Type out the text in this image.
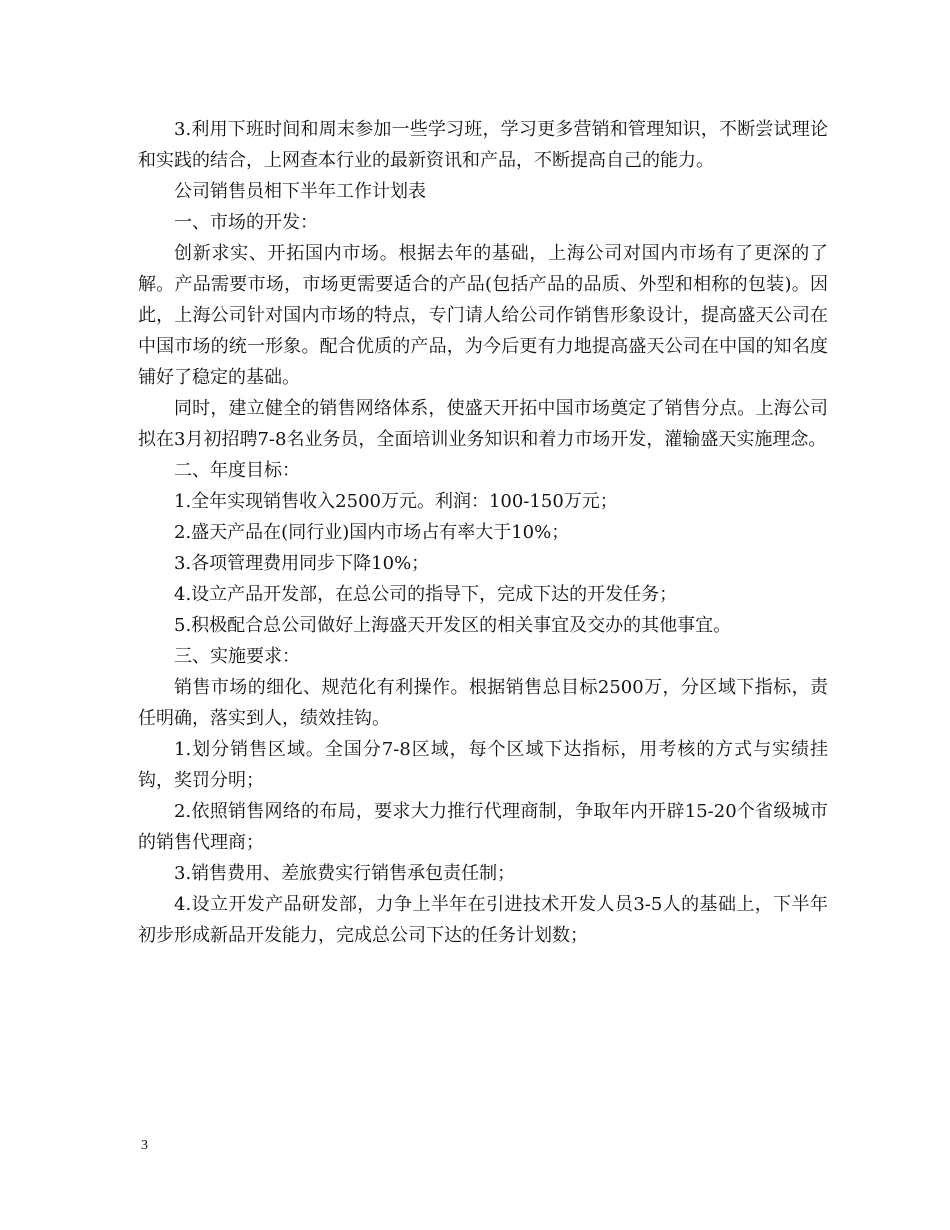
3.利用下班时间和周末参加一些学习班，学习更多营销和管理知识，不断尝试理论和实践的结合，上网查本行业的最新资讯和产品，不断提高自己的能力。

公司销售员相下半年工作计划表

一、市场的开发：

创新求实、开拓国内市场。根据去年的基础，上海公司对国内市场有了更深的了解。产品需要市场，市场更需要适合的产品(包括产品的品质、外型和相称的包装)。因此，上海公司针对国内市场的特点，专门请人给公司作销售形象设计，提高盛天公司在中国市场的统一形象。配合优质的产品，为今后更有力地提高盛天公司在中国的知名度铺好了稳定的基础。

同时，建立健全的销售网络体系，使盛天开拓中国市场奠定了销售分点。上海公司拟在3月初招聘7-8名业务员，全面培训业务知识和着力市场开发，灌输盛天实施理念。

二、年度目标：

1.全年实现销售收入2500万元。利润：100-150万元；

2.盛天产品在(同行业)国内市场占有率大于10%；

3.各项管理费用同步下降10%；

4.设立产品开发部，在总公司的指导下，完成下达的开发任务；

5.积极配合总公司做好上海盛天开发区的相关事宜及交办的其他事宜。

三、实施要求：

销售市场的细化、规范化有利操作。根据销售总目标2500万，分区域下指标，责任明确，落实到人，绩效挂钩。

1.划分销售区域。全国分7-8区域，每个区域下达指标，用考核的方式与实绩挂钩，奖罚分明；

2.依照销售网络的布局，要求大力推行代理商制，争取年内开辟15-20个省级城市的销售代理商；

3.销售费用、差旅费实行销售承包责任制；

4.设立开发产品研发部，力争上半年在引进技术开发人员3-5人的基础上，下半年初步形成新品开发能力，完成总公司下达的任务计划数；

3
